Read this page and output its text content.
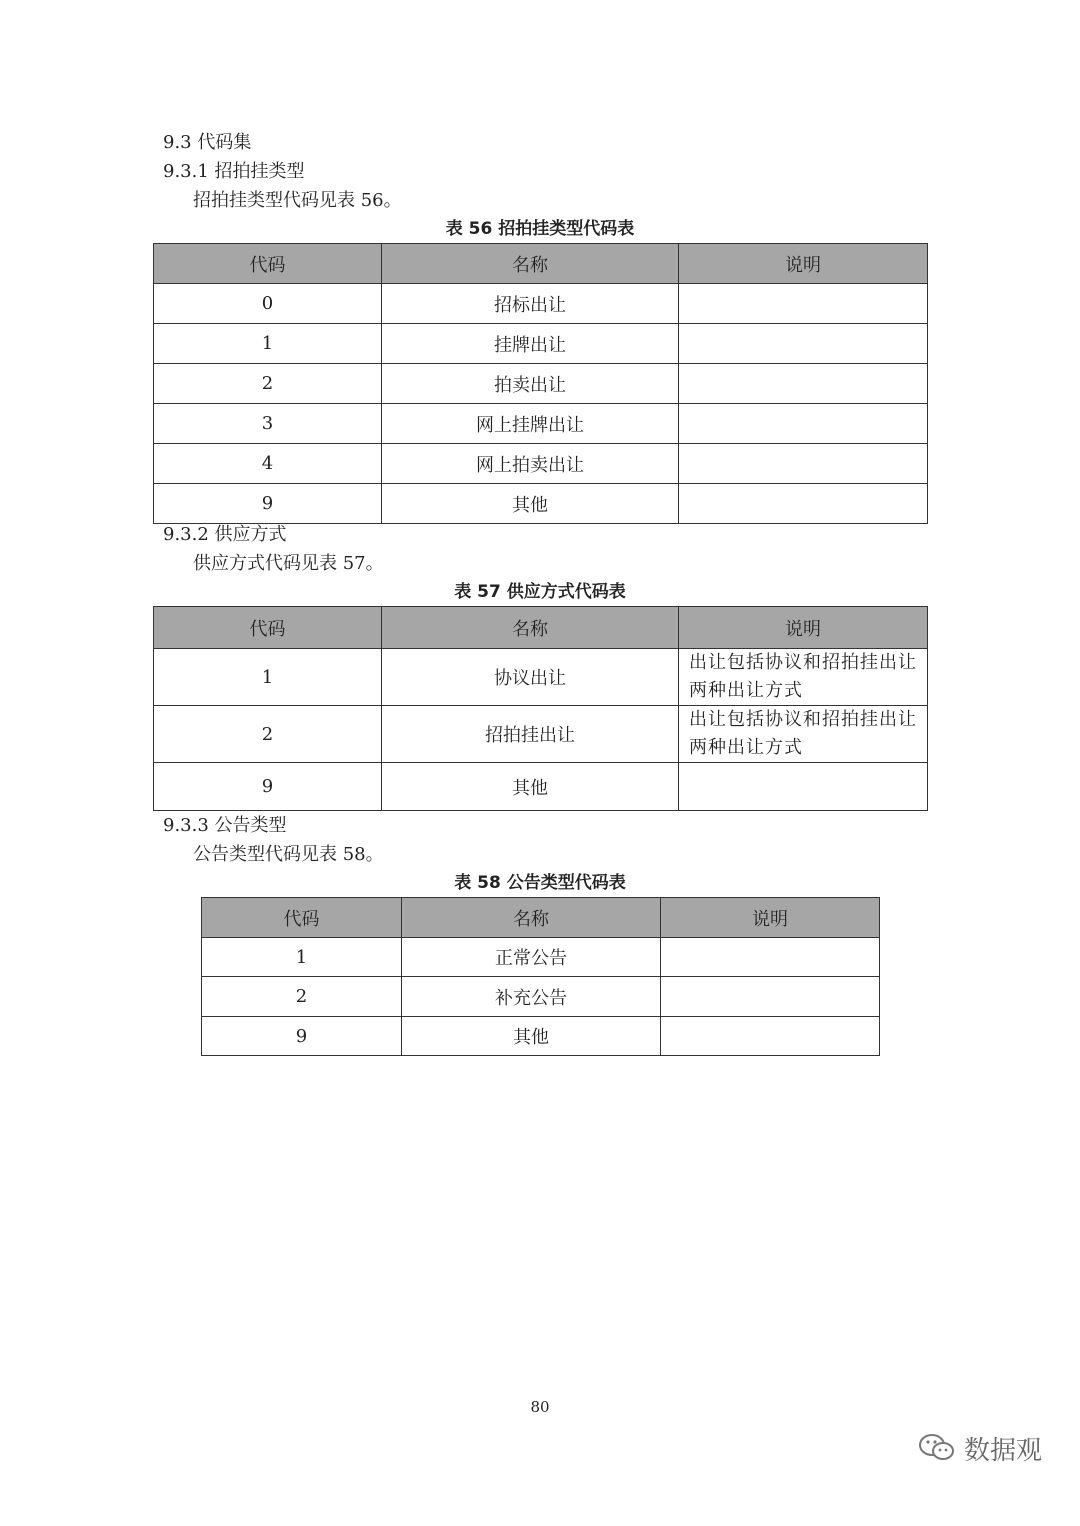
9.3 代码集
9.3.1 招拍挂类型
招拍挂类型代码见表 56。
表 56 招拍挂类型代码表
代码	名称	说明
0	招标出让	
1	挂牌出让	
2	拍卖出让	
3	网上挂牌出让	
4	网上拍卖出让	
9	其他	
9.3.2 供应方式
供应方式代码见表 57。
表 57 供应方式代码表
代码	名称	说明
1	协议出让	出让包括协议和招拍挂出让
两种出让方式

2	招拍挂出让	出让包括协议和招拍挂出让
两种出让方式

9	其他	
9.3.3 公告类型
公告类型代码见表 58。
表 58 公告类型代码表
代码	名称	说明
1	正常公告	
2	补充公告	
9	其他	
80
数据观
